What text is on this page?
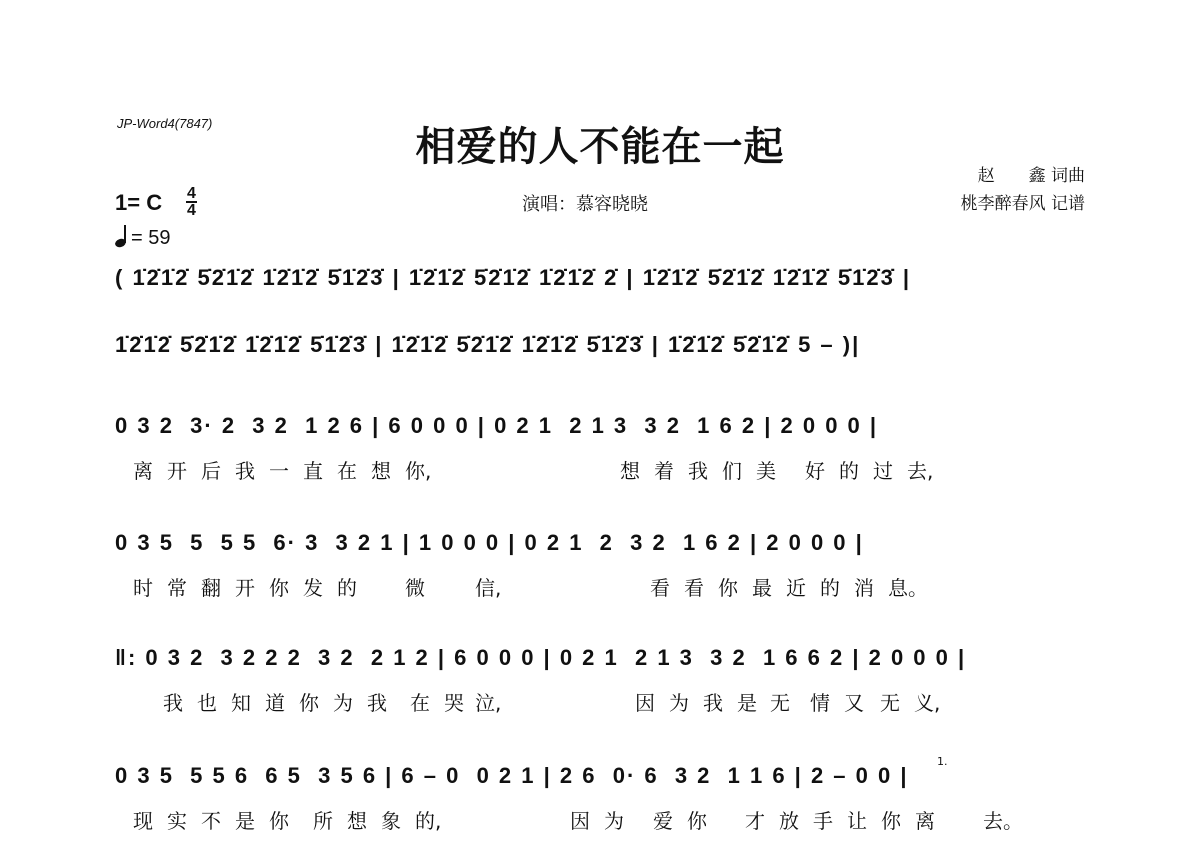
JP-Word4(7847)	相爱的人不能在一起
演唱：慕容晓晓
赵　　鑫 词曲
桃李醉春风 记谱
1= C 4
4
= 59
( 1̇2̇1̇2̇ 5̇2̇1̇2̇ 1̇2̇1̇2̇ 5̇1̇2̇3̇ | 1̇2̇1̇2̇ 5̇2̇1̇2̇ 1̇2̇1̇2̇ 2̇ | 1̇2̇1̇2̇ 5̇2̇1̇2̇ 1̇2̇1̇2̇ 5̇1̇2̇3̇ |
1̇2̇1̇2̇ 5̇2̇1̇2̇ 1̇2̇1̇2̇ 5̇1̇2̇3̇ | 1̇2̇1̇2̇ 5̇2̇1̇2̇ 1̇2̇1̇2̇ 5̇1̇2̇3̇ | 1̇2̇1̇2̇ 5̇2̇1̇2̇ 5 – )|
0 3 2  3· 2  3 2  1 2 6 | 6 0 0 0 | 0 2 1  2 1 3  3 2  1 6 2 | 2 0 0 0 |
离 开 后 我 一 直 在 想 你,	想 着 我 们 美 好 的 过 去,
0 3 5  5  5 5  6· 3  3 2 1 | 1 0 0 0 | 0 2 1  2  3 2  1 6 2 | 2 0 0 0 |
时 常 翻 开 你 发 的 微	信,	看 看 你 最 近 的 消 息。
‖: 0 3 2  3 2 2 2  3 2  2 1 2 | 6 0 0 0 | 0 2 1  2 1 3  3 2  1 6 6 2 | 2 0 0 0 |
我 也 知 道 你 为 我 在 哭 泣,	因 为 我 是 无 情 又 无 义,
0 3 5  5 5 6  6 5  3 5 6 | 6 – 0  0 2 1 | 2 6  0· 6  3 2  1 1 6 | 2 – 0 0 |
1.
现 实 不 是 你 所 想 象 的,	因 为 爱 你 才 放 手 让 你 离 去。
